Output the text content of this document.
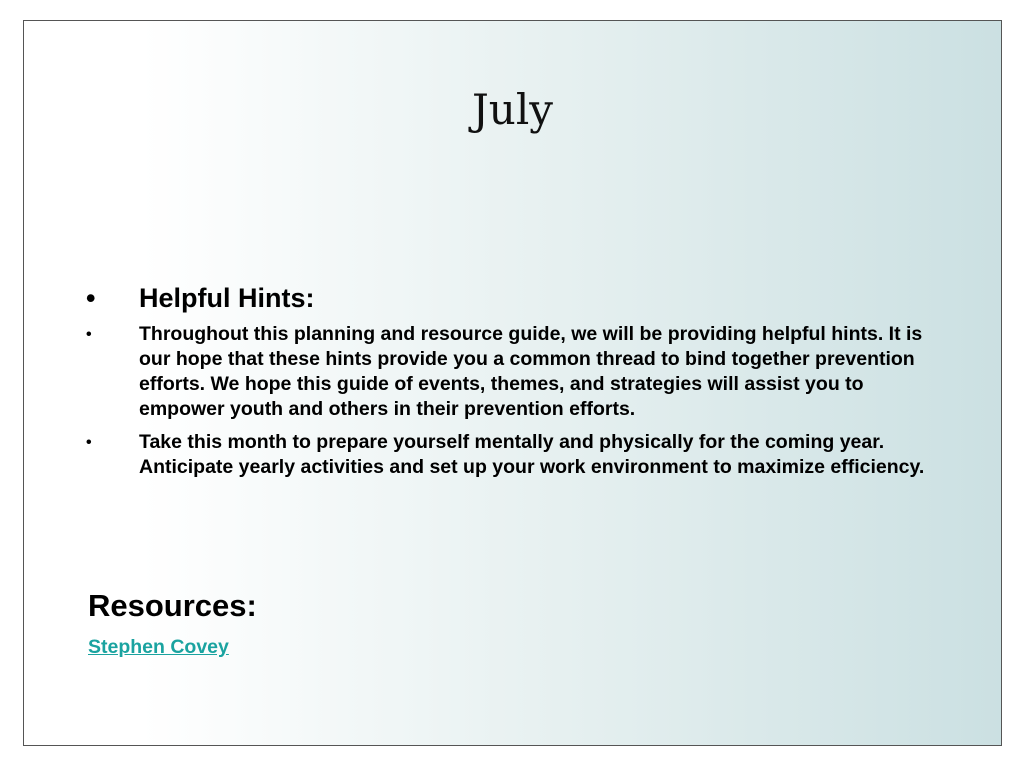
July
• Helpful Hints:
• Throughout this planning and resource guide, we will be providing helpful hints. It is our hope that these hints provide you a common thread to bind together prevention efforts. We hope this guide of events, themes, and strategies will assist you to empower youth and others in their prevention efforts.
• Take this month to prepare yourself mentally and physically for the coming year. Anticipate yearly activities and set up your work environment to maximize efficiency.
Resources:
Stephen Covey
